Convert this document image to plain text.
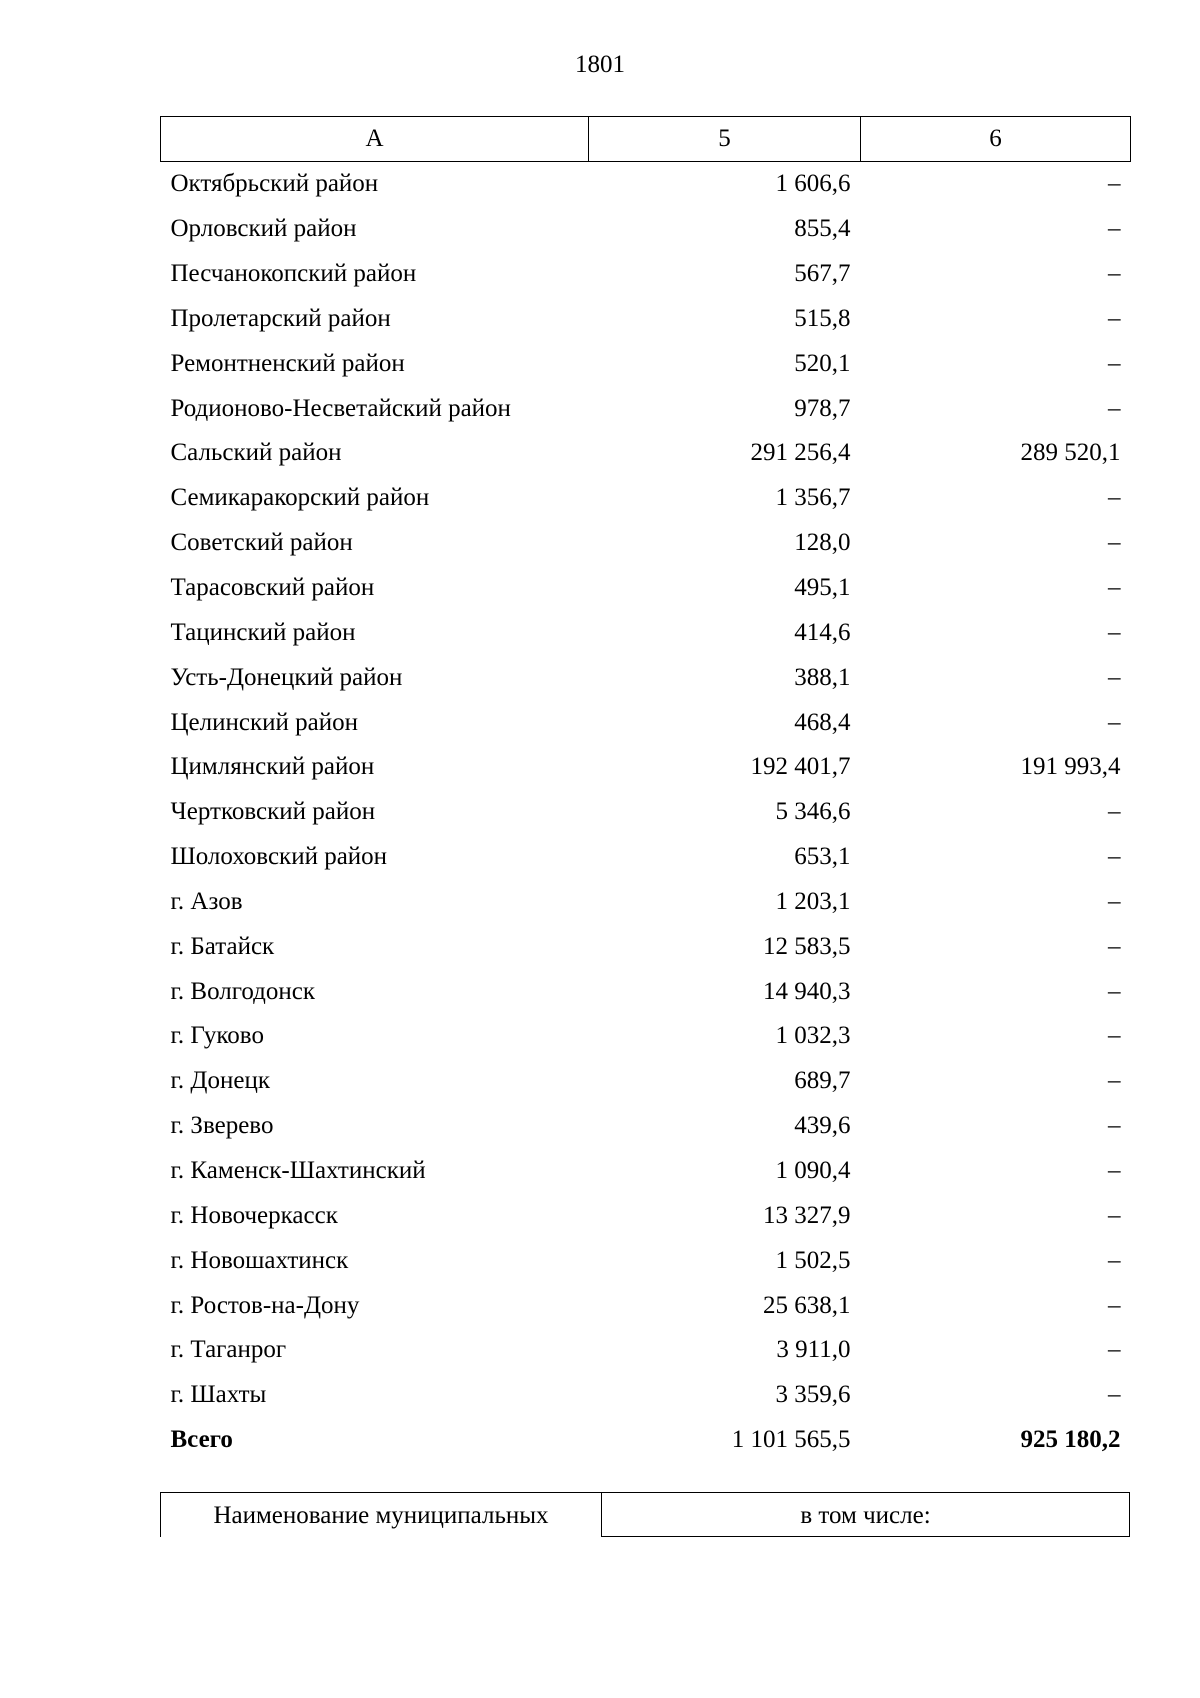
1801
А	5	6
Октябрьский район	1 606,6	–
Орловский район	855,4	–
Песчанокопский район	567,7	–
Пролетарский район	515,8	–
Ремонтненский район	520,1	–
Родионово-Несветайский район	978,7	–
Сальский район	291 256,4	289 520,1
Семикаракорский район	1 356,7	–
Советский район	128,0	–
Тарасовский район	495,1	–
Тацинский район	414,6	–
Усть-Донецкий район	388,1	–
Целинский район	468,4	–
Цимлянский район	192 401,7	191 993,4
Чертковский район	5 346,6	–
Шолоховский район	653,1	–
г. Азов	1 203,1	–
г. Батайск	12 583,5	–
г. Волгодонск	14 940,3	–
г. Гуково	1 032,3	–
г. Донецк	689,7	–
г. Зверево	439,6	–
г. Каменск-Шахтинский	1 090,4	–
г. Новочеркасск	13 327,9	–
г. Новошахтинск	1 502,5	–
г. Ростов-на-Дону	25 638,1	–
г. Таганрог	3 911,0	–
г. Шахты	3 359,6	–
Всего	1 101 565,5	925 180,2
Наименование муниципальных	в том числе:
